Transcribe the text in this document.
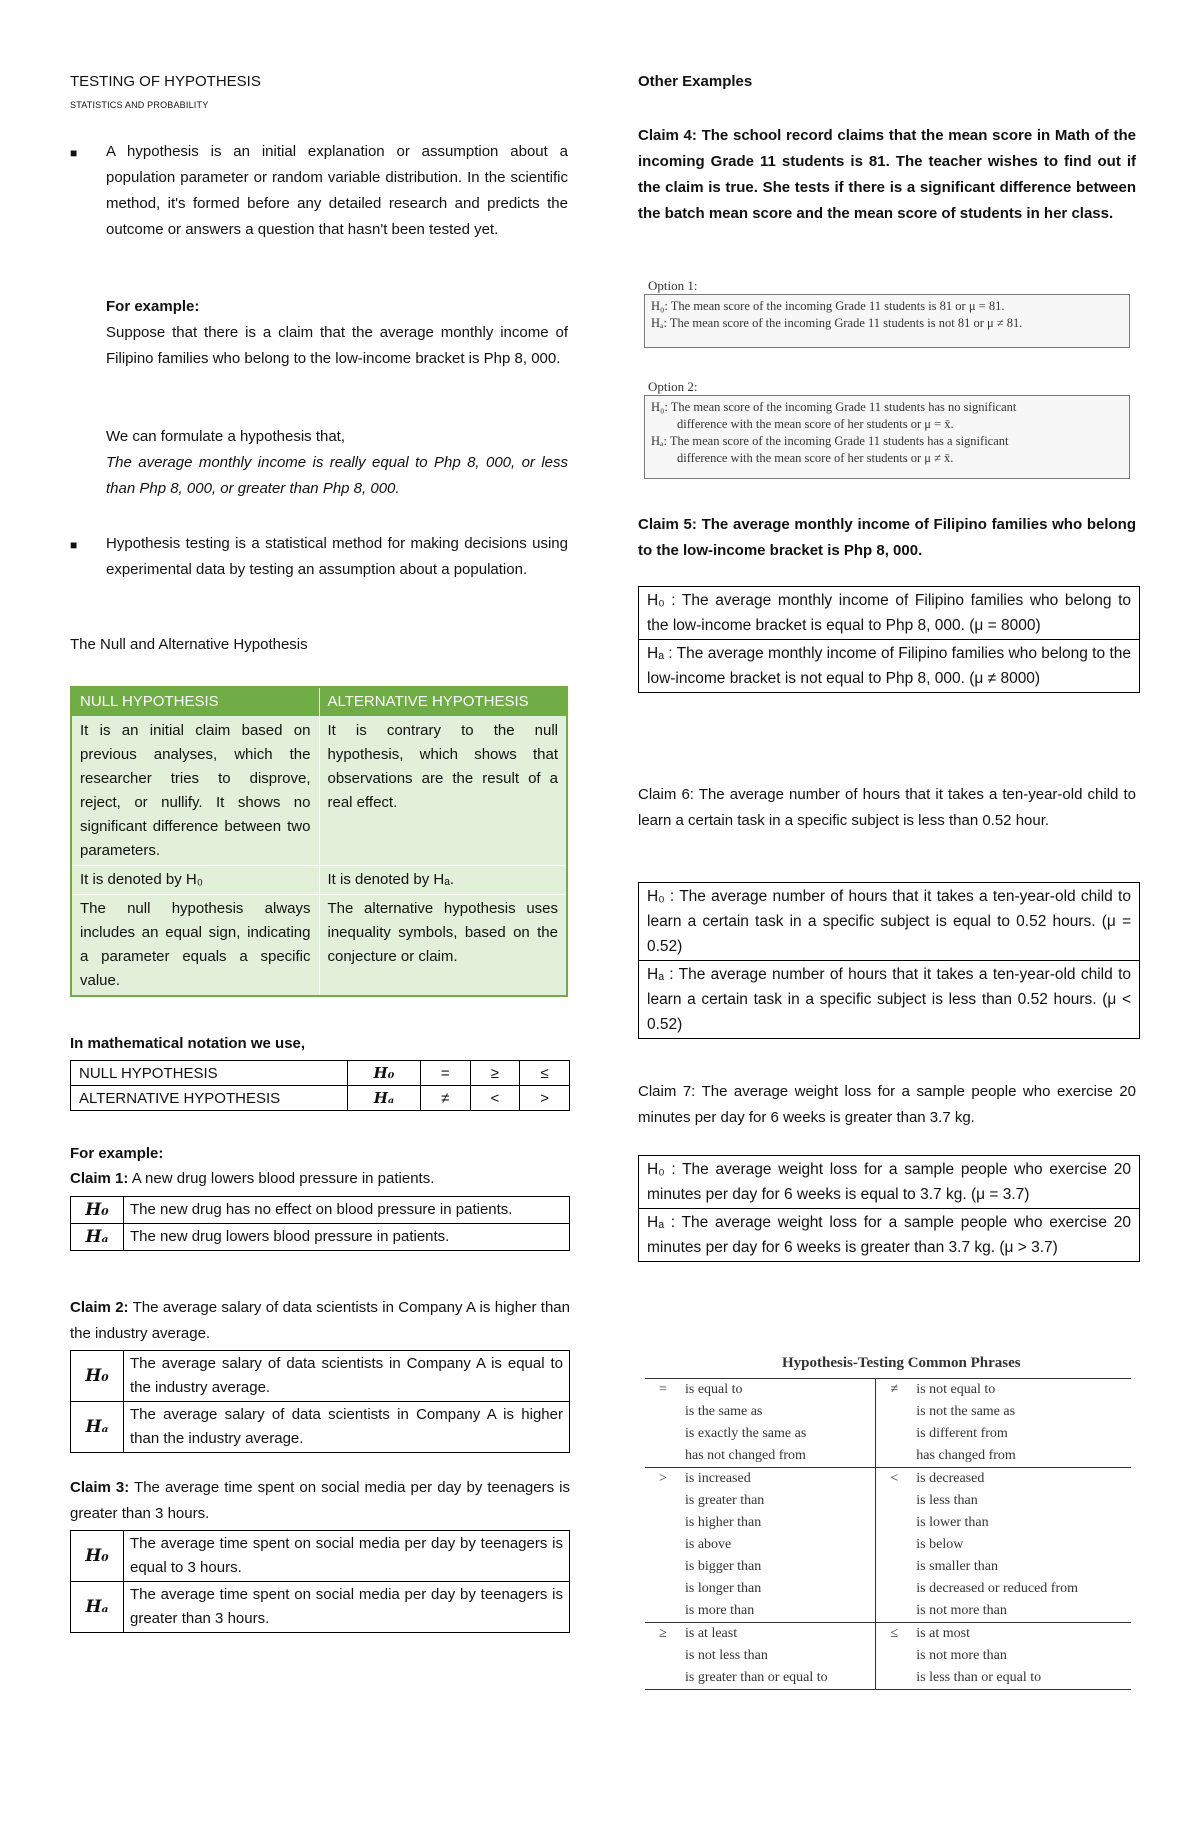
TESTING OF HYPOTHESIS
STATISTICS AND PROBABILITY
■ A hypothesis is an initial explanation or assumption about a population parameter or random variable distribution. In the scientific method, it's formed before any detailed research and predicts the outcome or answers a question that hasn't been tested yet.
For example:
Suppose that there is a claim that the average monthly income of Filipino families who belong to the low-income bracket is Php 8, 000.
We can formulate a hypothesis that,
The average monthly income is really equal to Php 8, 000, or less than Php 8, 000, or greater than Php 8, 000.
■ Hypothesis testing is a statistical method for making decisions using experimental data by testing an assumption about a population.
The Null and Alternative Hypothesis
NULL HYPOTHESIS	ALTERNATIVE HYPOTHESIS
It is an initial claim based on previous analyses, which the researcher tries to disprove, reject, or nullify. It shows no significant difference between two parameters.	It is contrary to the null hypothesis, which shows that observations are the result of a real effect.
It is denoted by H₀	It is denoted by Hₐ.
The null hypothesis always includes an equal sign, indicating a parameter equals a specific value.	The alternative hypothesis uses inequality symbols, based on the conjecture or claim.
In mathematical notation we use,
NULL HYPOTHESIS	H₀	=	≥	≤
ALTERNATIVE HYPOTHESIS	Hₐ	≠	<	>
For example:
Claim 1: A new drug lowers blood pressure in patients.
H₀	The new drug has no effect on blood pressure in patients.
Hₐ	The new drug lowers blood pressure in patients.
Claim 2: The average salary of data scientists in Company A is higher than the industry average.
H₀	The average salary of data scientists in Company A is equal to the industry average.
Hₐ	The average salary of data scientists in Company A is higher than the industry average.
Claim 3: The average time spent on social media per day by teenagers is greater than 3 hours.
H₀	The average time spent on social media per day by teenagers is equal to 3 hours.
Hₐ	The average time spent on social media per day by teenagers is greater than 3 hours.
Other Examples
Claim 4: The school record claims that the mean score in Math of the incoming Grade 11 students is 81. The teacher wishes to find out if the claim is true. She tests if there is a significant difference between the batch mean score and the mean score of students in her class.
Option 1:
H₀: The mean score of the incoming Grade 11 students is 81 or μ = 81.
Hₐ: The mean score of the incoming Grade 11 students is not 81 or μ ≠ 81.
Option 2:
H₀: The mean score of the incoming Grade 11 students has no significant
difference with the mean score of her students or μ = x̄.
Hₐ: The mean score of the incoming Grade 11 students has a significant
difference with the mean score of her students or μ ≠ x̄.
Claim 5: The average monthly income of Filipino families who belong to the low-income bracket is Php 8, 000.
H₀ : The average monthly income of Filipino families who belong to the low-income bracket is equal to Php 8, 000. (μ = 8000)
Hₐ : The average monthly income of Filipino families who belong to the low-income bracket is not equal to Php 8, 000. (μ ≠ 8000)
Claim 6: The average number of hours that it takes a ten-year-old child to learn a certain task in a specific subject is less than 0.52 hour.
H₀ : The average number of hours that it takes a ten-year-old child to learn a certain task in a specific subject is equal to 0.52 hours. (μ = 0.52)
Hₐ : The average number of hours that it takes a ten-year-old child to learn a certain task in a specific subject is less than 0.52 hours. (μ < 0.52)
Claim 7: The average weight loss for a sample people who exercise 20 minutes per day for 6 weeks is greater than 3.7 kg.
H₀ : The average weight loss for a sample people who exercise 20 minutes per day for 6 weeks is equal to 3.7 kg. (μ = 3.7)
Hₐ : The average weight loss for a sample people who exercise 20 minutes per day for 6 weeks is greater than 3.7 kg. (μ > 3.7)
Hypothesis-Testing Common Phrases
=	is equal to	≠	is not equal to
	is the same as		is not the same as
	is exactly the same as		is different from
	has not changed from		has changed from
>	is increased	<	is decreased
	is greater than		is less than
	is higher than		is lower than
	is above		is below
	is bigger than		is smaller than
	is longer than		is decreased or reduced from
	is more than		is not more than
≥	is at least	≤	is at most
	is not less than		is not more than
	is greater than or equal to		is less than or equal to
